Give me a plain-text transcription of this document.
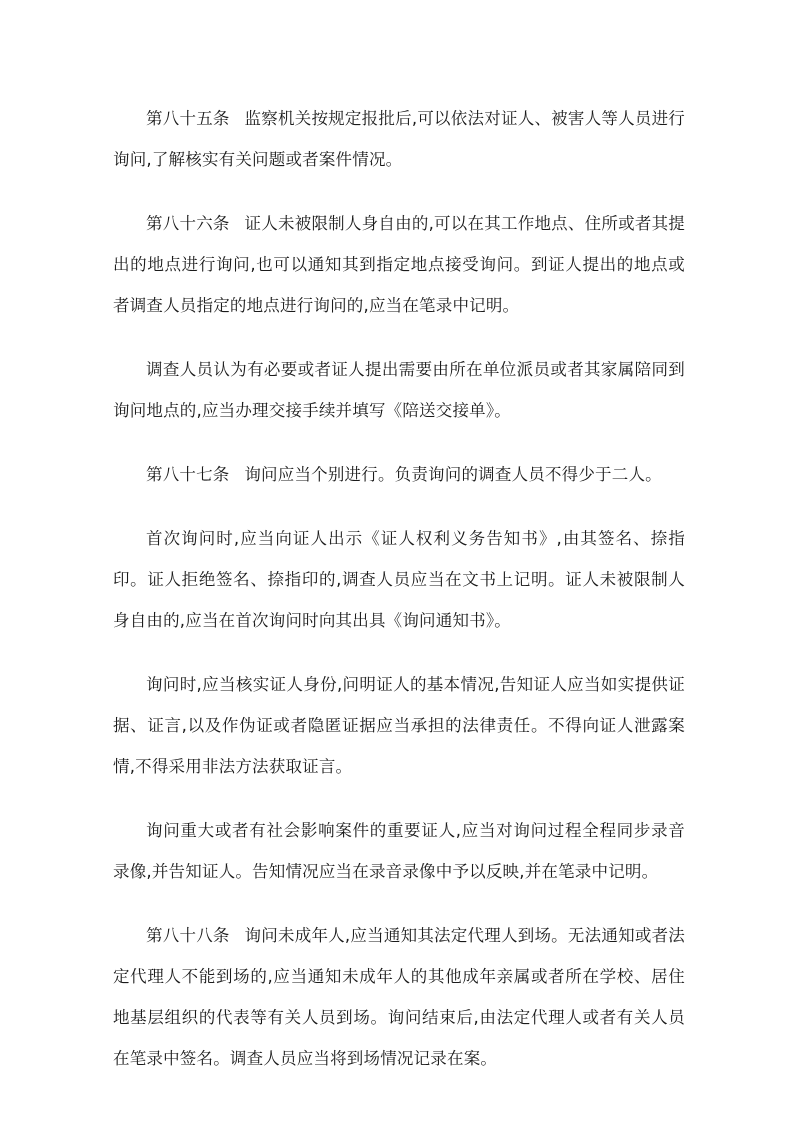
第八十五条 监察机关按规定报批后,可以依法对证人、被害人等人员进行询问,了解核实有关问题或者案件情况。

第八十六条 证人未被限制人身自由的,可以在其工作地点、住所或者其提出的地点进行询问,也可以通知其到指定地点接受询问。到证人提出的地点或者调查人员指定的地点进行询问的,应当在笔录中记明。

调查人员认为有必要或者证人提出需要由所在单位派员或者其家属陪同到询问地点的,应当办理交接手续并填写《陪送交接单》。

第八十七条 询问应当个别进行。负责询问的调查人员不得少于二人。

首次询问时,应当向证人出示《证人权利义务告知书》,由其签名、捺指印。证人拒绝签名、捺指印的,调查人员应当在文书上记明。证人未被限制人身自由的,应当在首次询问时向其出具《询问通知书》。

询问时,应当核实证人身份,问明证人的基本情况,告知证人应当如实提供证据、证言,以及作伪证或者隐匿证据应当承担的法律责任。不得向证人泄露案情,不得采用非法方法获取证言。

询问重大或者有社会影响案件的重要证人,应当对询问过程全程同步录音录像,并告知证人。告知情况应当在录音录像中予以反映,并在笔录中记明。

第八十八条 询问未成年人,应当通知其法定代理人到场。无法通知或者法定代理人不能到场的,应当通知未成年人的其他成年亲属或者所在学校、居住地基层组织的代表等有关人员到场。询问结束后,由法定代理人或者有关人员在笔录中签名。调查人员应当将到场情况记录在案。
